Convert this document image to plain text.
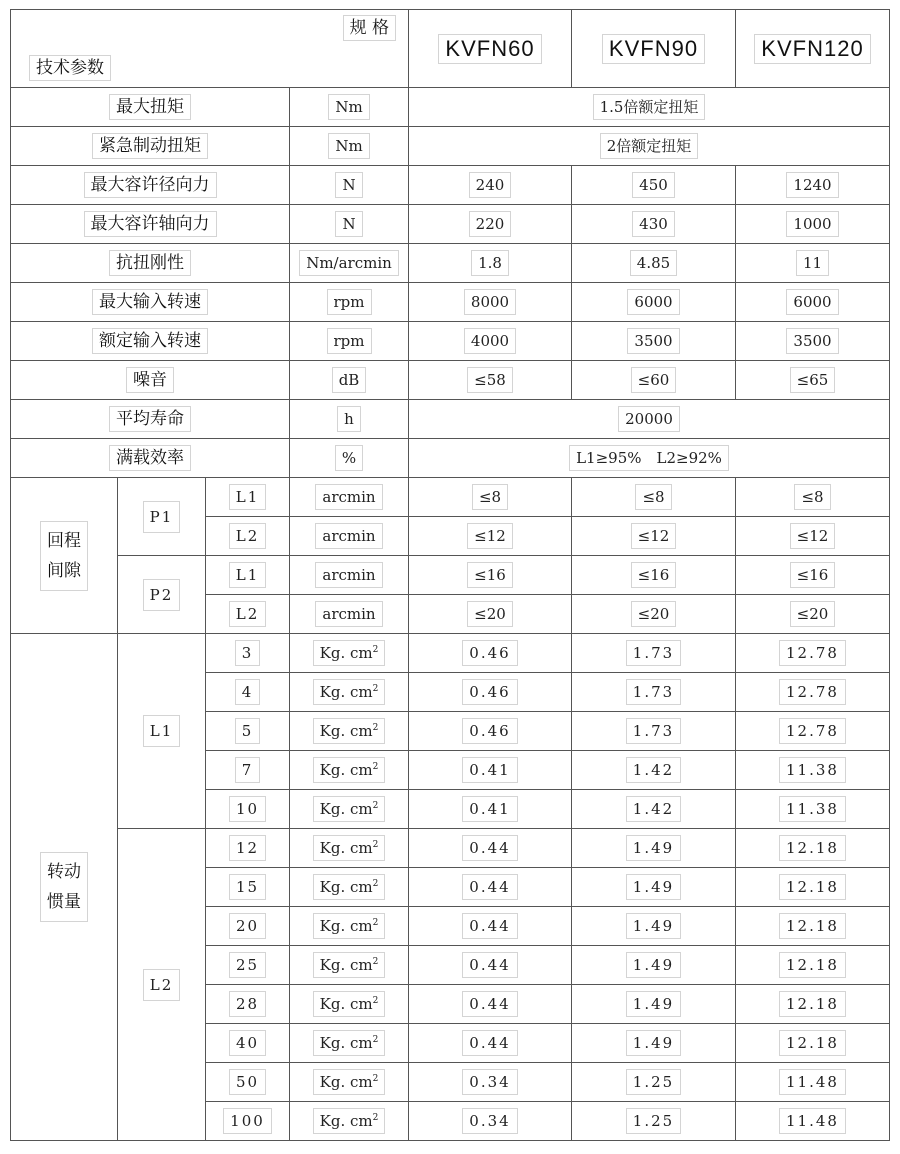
规 格
技术参数				KVFN60	KVFN90	KVFN120
最大扭矩			Nm	1.5倍额定扭矩		
紧急制动扭矩			Nm	2倍额定扭矩		
最大容许径向力			N	240	450	1240
最大容许轴向力			N	220	430	1000
抗扭刚性			Nm/arcmin	1.8	4.85	11
最大输入转速			rpm	8000	6000	6000
额定输入转速			rpm	4000	3500	3500
噪音			dB	≤58	≤60	≤65
平均寿命			h	20000		
满载效率			%	L1≥95%　L2≥92%		

回程
间隙	P1	L1	arcmin	≤8	≤8	≤8
		L2	arcmin	≤12	≤12	≤12
	P2	L1	arcmin	≤16	≤16	≤16
		L2	arcmin	≤20	≤20	≤20

转动
惯量	L1	3	Kg. $cm^2$	0.46	1.73	12.78
		4	Kg. $cm^2$	0.46	1.73	12.78
		5	Kg. $cm^2$	0.46	1.73	12.78
		7	Kg. $cm^2$	0.41	1.42	11.38
		10	Kg. $cm^2$	0.41	1.42	11.38
	L2	12	Kg. $cm^2$	0.44	1.49	12.18
		15	Kg. $cm^2$	0.44	1.49	12.18
		20	Kg. $cm^2$	0.44	1.49	12.18
		25	Kg. $cm^2$	0.44	1.49	12.18
		28	Kg. $cm^2$	0.44	1.49	12.18
		40	Kg. $cm^2$	0.44	1.49	12.18
		50	Kg. $cm^2$	0.34	1.25	11.48
		100	Kg. $cm^2$	0.34	1.25	11.48
